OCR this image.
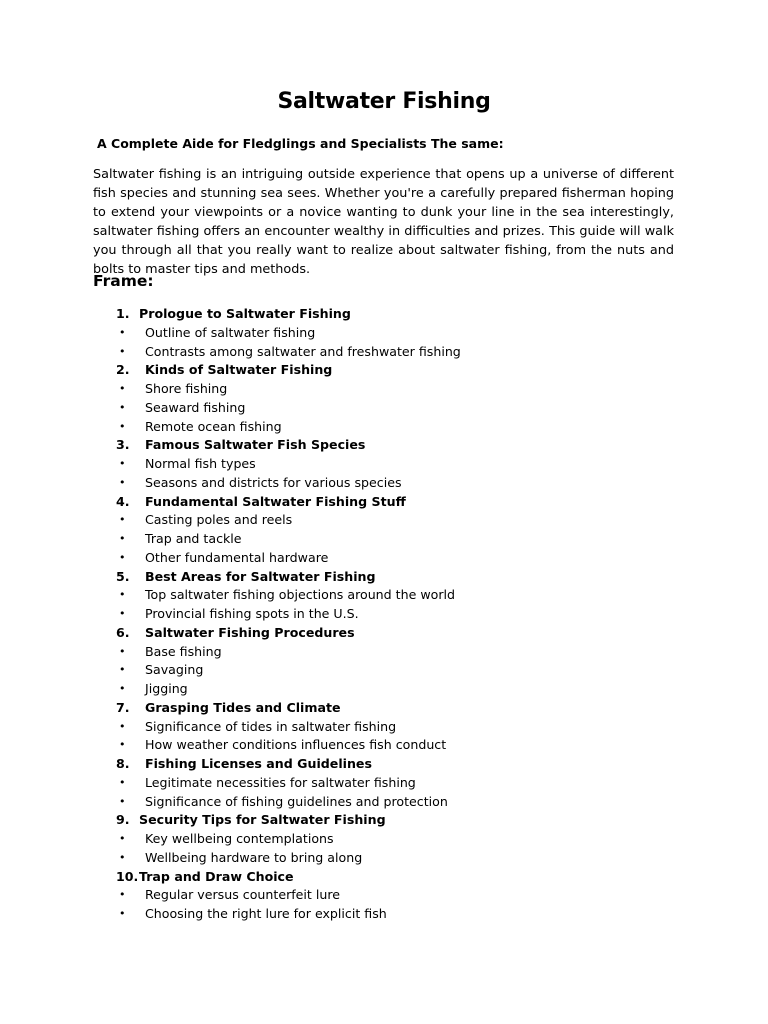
Saltwater Fishing
A Complete Aide for Fledglings and Specialists The same:

Saltwater fishing is an intriguing outside experience that opens up a universe of different fish species and stunning sea sees. Whether you're a carefully prepared fisherman hoping to extend your viewpoints or a novice wanting to dunk your line in the sea interestingly, saltwater fishing offers an encounter wealthy in difficulties and prizes. This guide will walk you through all that you really want to realize about saltwater fishing, from the nuts and bolts to master tips and methods.

Frame:
1. Prologue to Saltwater Fishing
• Outline of saltwater fishing
• Contrasts among saltwater and freshwater fishing
2. Kinds of Saltwater Fishing
• Shore fishing
• Seaward fishing
• Remote ocean fishing
3. Famous Saltwater Fish Species
• Normal fish types
• Seasons and districts for various species
4. Fundamental Saltwater Fishing Stuff
• Casting poles and reels
• Trap and tackle
• Other fundamental hardware
5. Best Areas for Saltwater Fishing
• Top saltwater fishing objections around the world
• Provincial fishing spots in the U.S.
6. Saltwater Fishing Procedures
• Base fishing
• Savaging
• Jigging
7. Grasping Tides and Climate
• Significance of tides in saltwater fishing
• How weather conditions influences fish conduct
8. Fishing Licenses and Guidelines
• Legitimate necessities for saltwater fishing
• Significance of fishing guidelines and protection
9. Security Tips for Saltwater Fishing
• Key wellbeing contemplations
• Wellbeing hardware to bring along
10. Trap and Draw Choice
• Regular versus counterfeit lure
• Choosing the right lure for explicit fish
